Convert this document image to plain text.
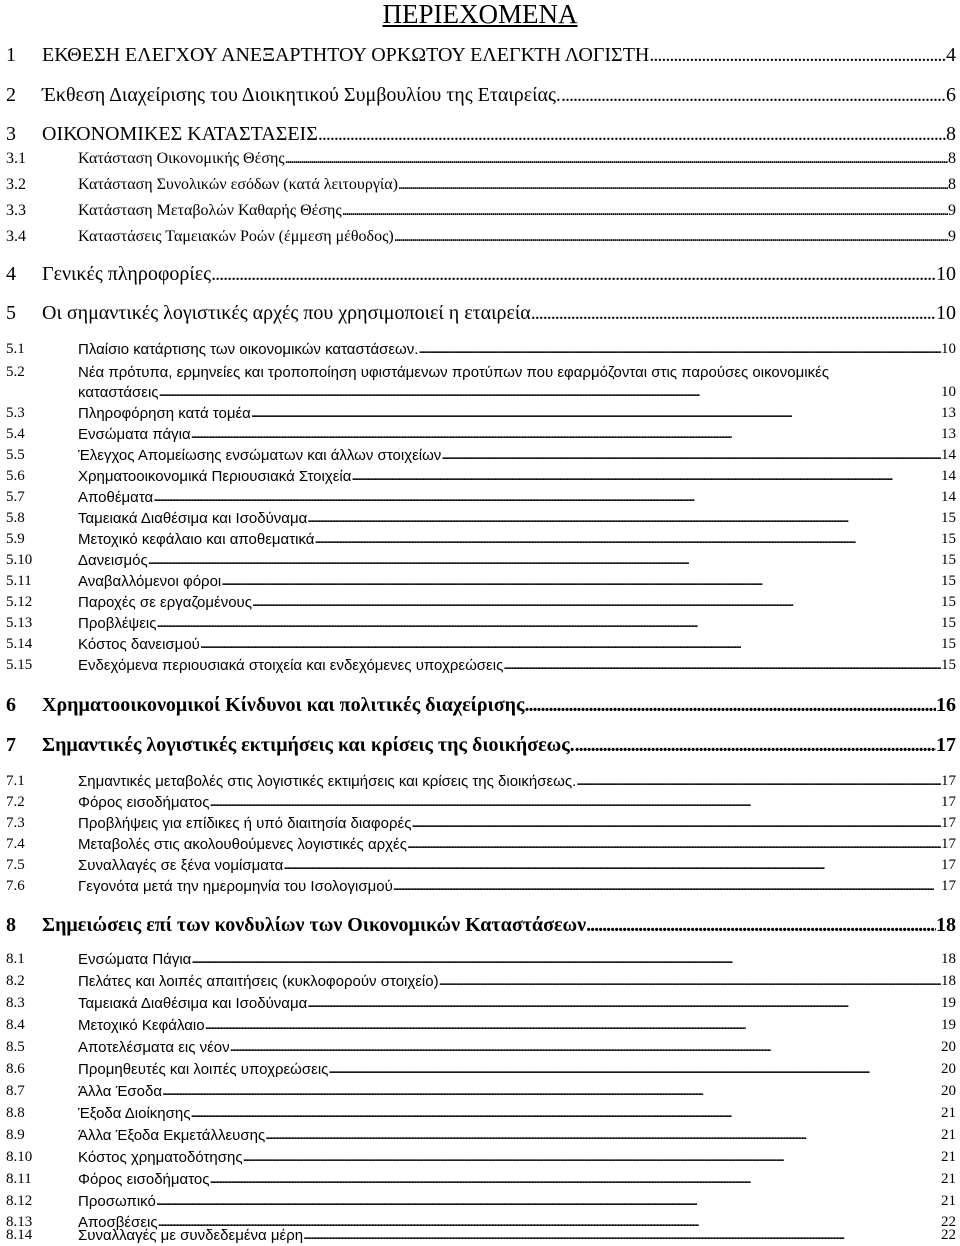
ΠΕΡΙΕΧΟΜΕΝΑ
1	ΕΚΘΕΣΗ ΕΛΕΓΧΟΥ ΑΝΕΞΑΡΤΗΤΟΥ ΟΡΚΩΤΟΥ ΕΛΕΓΚΤΗ ΛΟΓΙΣΤΗ . . .	4
2	Έκθεση Διαχείρισης του Διοικητικού Συμβουλίου της Εταιρείας. . . .	6
3	ΟΙΚΟΝΟΜΙΚΕΣ ΚΑΤΑΣΤΑΣΕΙΣ . . .	8
3.1	Κατάσταση Οικονομικής Θέσης . . .	8
3.2	Κατάσταση Συνολικών εσόδων (κατά λειτουργία) . . .	8
3.3	Κατάσταση Μεταβολών Καθαρής Θέσης . . .	9
3.4	Καταστάσεις Ταμειακών Ροών (έμμεση μέθοδος) . . .	9
4	Γενικές πληροφορίες . . .	10
5	Οι σημαντικές λογιστικές αρχές που χρησιμοποιεί η εταιρεία . . .	10
5.1	Πλαίσιο κατάρτισης των οικονομικών καταστάσεων. . . .	10
5.2	Νέα πρότυπα, ερμηνείες και τροποποίηση υφιστάμενων προτύπων που εφαρμόζονται στις παρούσες οικονομικές
καταστάσεις . . .	10
5.3	Πληροφόρηση κατά τομέα . . .	13
5.4	Ενσώματα πάγια . . .	13
5.5	Έλεγχος Απομείωσης ενσώματων και άλλων στοιχείων . . .	14
5.6	Χρηματοοικονομικά Περιουσιακά Στοιχεία . . .	14
5.7	Αποθέματα . . .	14
5.8	Ταμειακά Διαθέσιμα και Ισοδύναμα . . .	15
5.9	Μετοχικό κεφάλαιο και αποθεματικά . . .	15
5.10	Δανεισμός . . .	15
5.11	Αναβαλλόμενοι φόροι . . .	15
5.12	Παροχές σε εργαζομένους . . .	15
5.13	Προβλέψεις . . .	15
5.14	Κόστος δανεισμού . . .	15
5.15	Ενδεχόμενα περιουσιακά στοιχεία και ενδεχόμενες υποχρεώσεις . . .	15
6	Χρηματοοικονομικοί Κίνδυνοι και πολιτικές διαχείρισης . . .	16
7	Σημαντικές λογιστικές εκτιμήσεις και κρίσεις της διοικήσεως. . . .	17
7.1	Σημαντικές μεταβολές στις λογιστικές εκτιμήσεις και κρίσεις της διοικήσεως. . . .	17
7.2	Φόρος εισοδήματος . . .	17
7.3	Προβλήψεις για επίδικες ή υπό διαιτησία διαφορές . . .	17
7.4	Μεταβολές στις ακολουθούμενες λογιστικές αρχές . . .	17
7.5	Συναλλαγές σε ξένα νομίσματα . . .	17
7.6	Γεγονότα μετά την ημερομηνία του Ισολογισμού . . .	17
8	Σημειώσεις επί των κονδυλίων των Οικονομικών Καταστάσεων . . .	18
8.1	Ενσώματα Πάγια . . .	18
8.2	Πελάτες και λοιπές απαιτήσεις (κυκλοφορούν στοιχείο) . . .	18
8.3	Ταμειακά Διαθέσιμα και Ισοδύναμα . . .	19
8.4	Μετοχικό Κεφάλαιο . . .	19
8.5	Αποτελέσματα εις νέον . . .	20
8.6	Προμηθευτές και λοιπές υποχρεώσεις . . .	20
8.7	Άλλα Έσοδα . . .	20
8.8	Έξοδα Διοίκησης . . .	21
8.9	Άλλα Έξοδα Εκμετάλλευσης . . .	21
8.10	Κόστος χρηματοδότησης . . .	21
8.11	Φόρος εισοδήματος . . .	21
8.12	Προσωπικό . . .	21
8.13	Αποσβέσεις . . .	22
8.14	Συναλλαγές με συνδεδεμένα μέρη . . .	22
